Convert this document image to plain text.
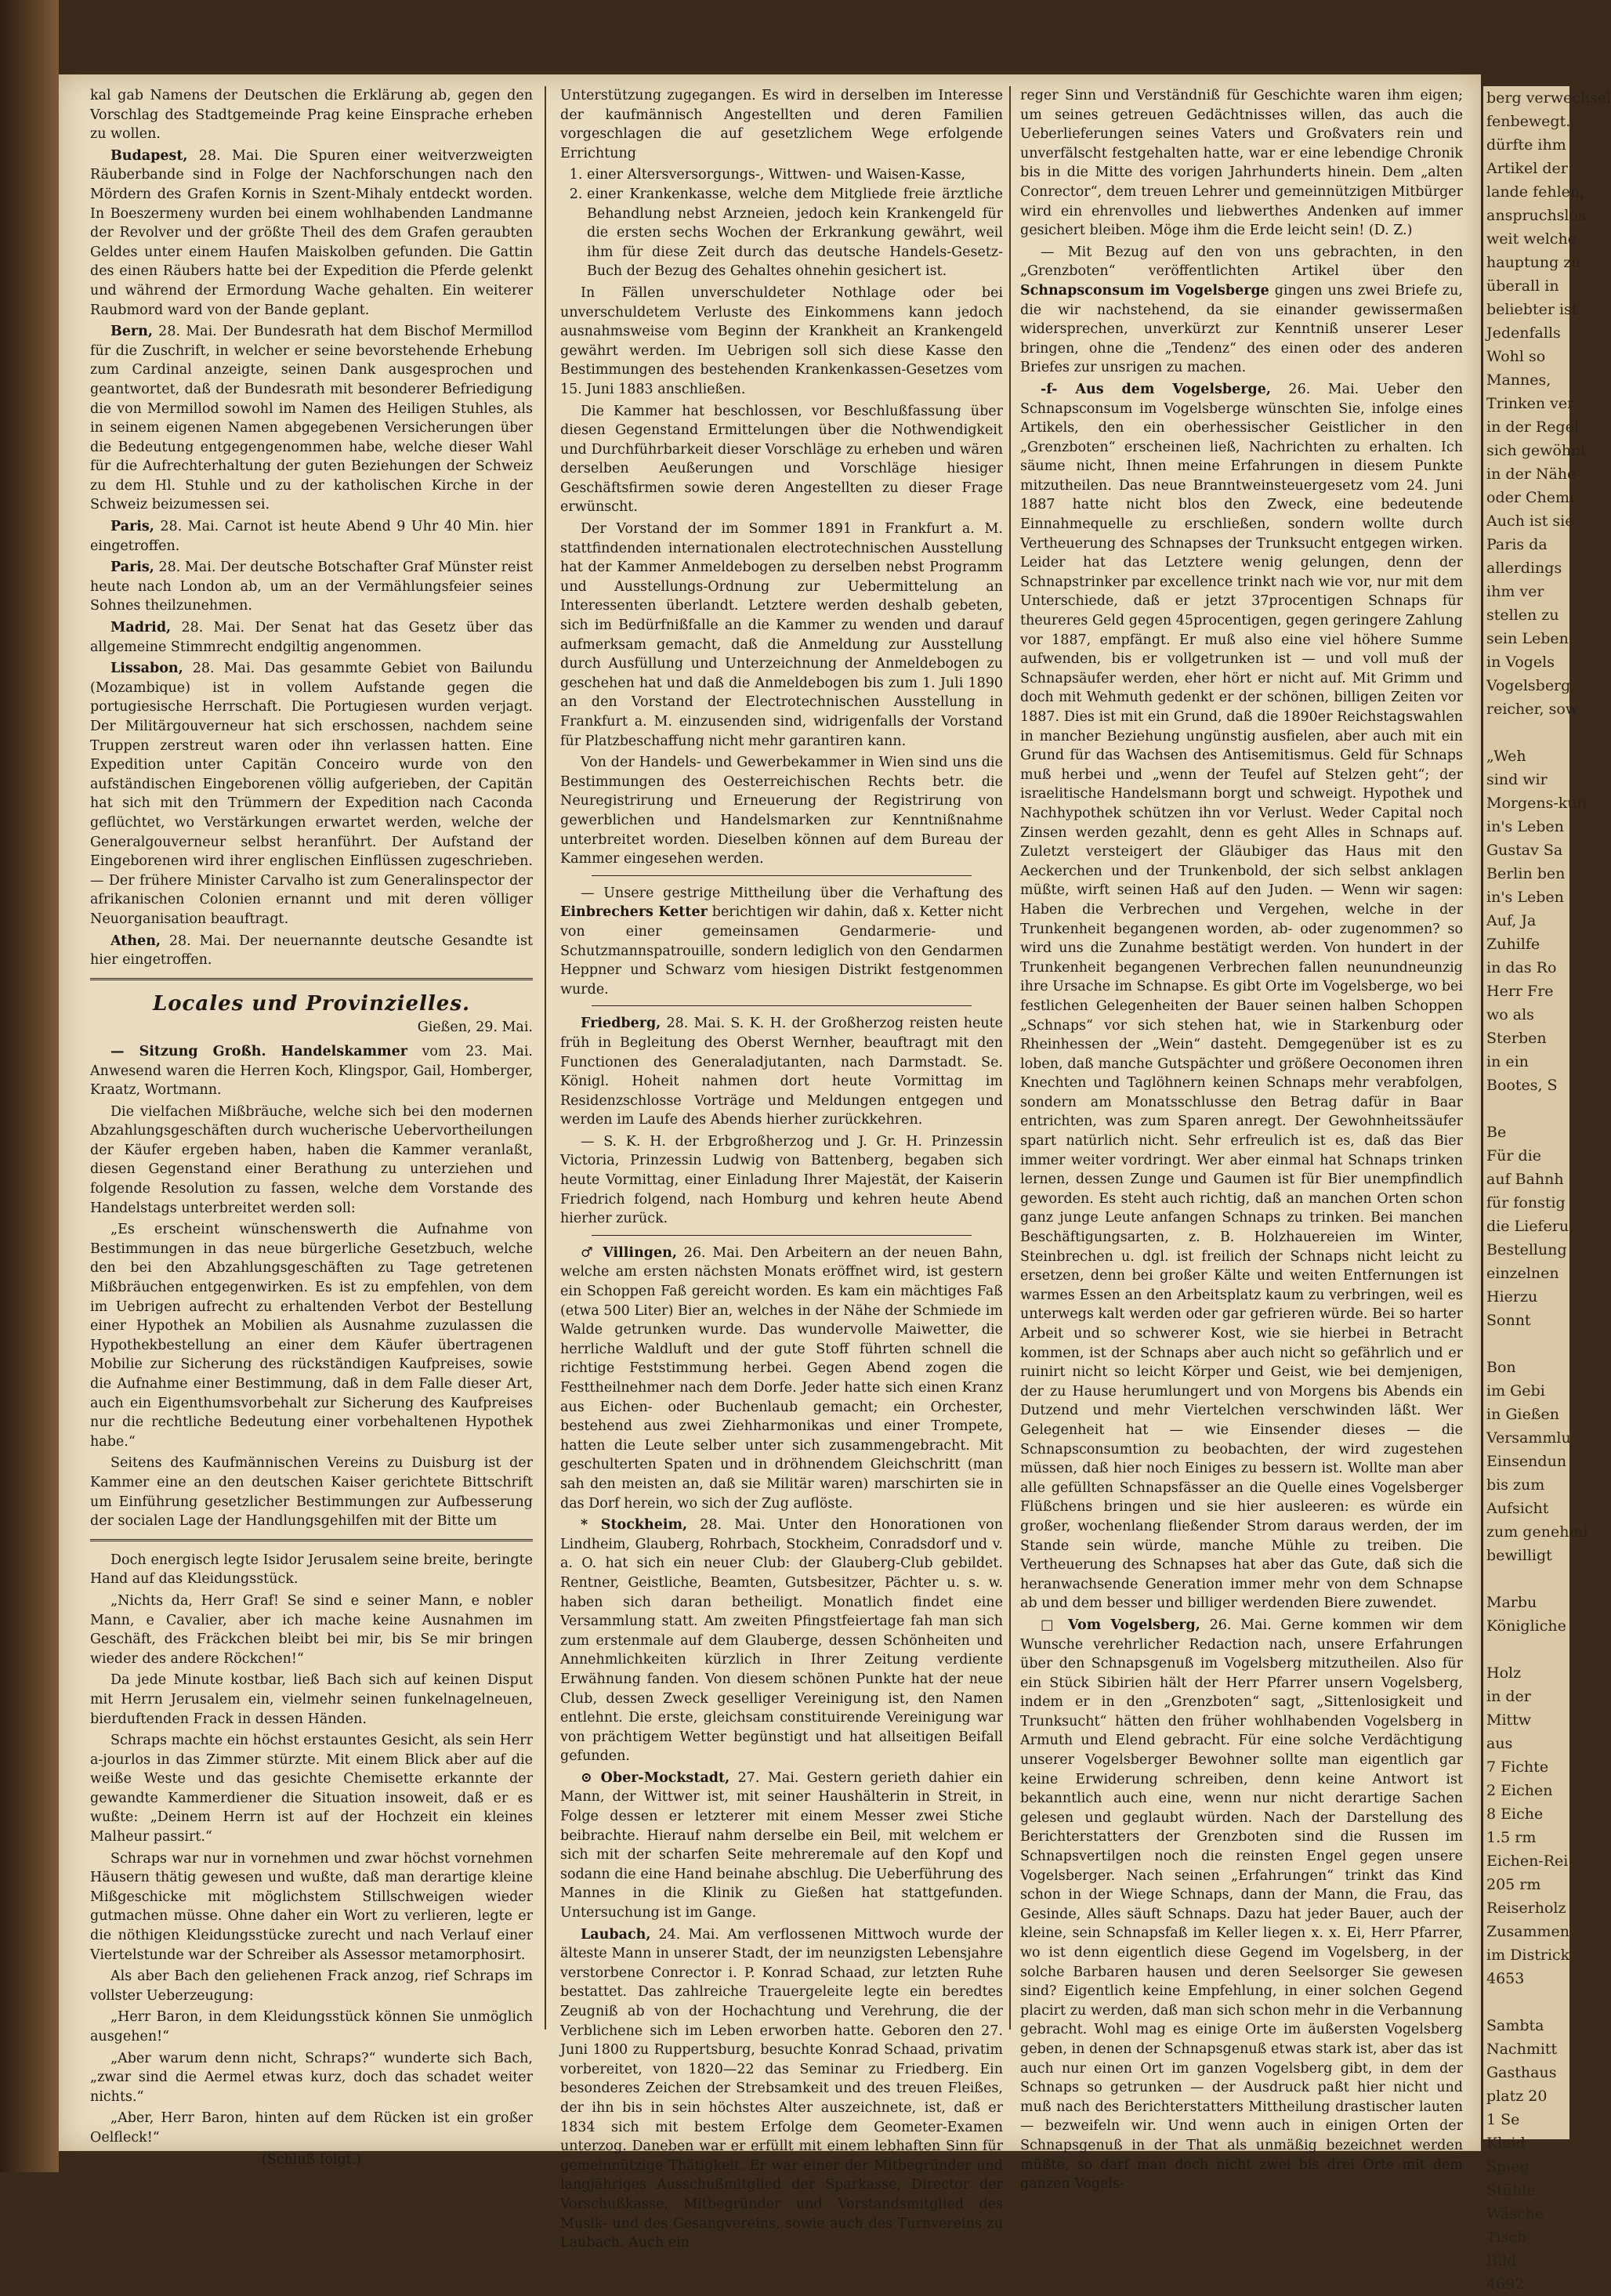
kal gab Namens der Deutschen die Erklärung ab, gegen den Vorschlag des Stadtgemeinde Prag keine Einsprache erheben zu wollen.

Budapest, 28. Mai. Die Spuren einer weitverzweigten Räuberbande sind in Folge der Nachforschungen nach den Mördern des Grafen Kornis in Szent-Mihaly entdeckt worden. In Boeszermeny wurden bei einem wohlhabenden Landmanne der Revolver und der größte Theil des dem Grafen geraubten Geldes unter einem Haufen Maiskolben gefunden. Die Gattin des einen Räubers hatte bei der Expedition die Pferde gelenkt und während der Ermordung Wache gehalten. Ein weiterer Raubmord ward von der Bande geplant.

Bern, 28. Mai. Der Bundesrath hat dem Bischof Mermillod für die Zuschrift, in welcher er seine bevorstehende Erhebung zum Cardinal anzeigte, seinen Dank ausgesprochen und geantwortet, daß der Bundesrath mit besonderer Befriedigung die von Mermillod sowohl im Namen des Heiligen Stuhles, als in seinem eigenen Namen abgegebenen Versicherungen über die Bedeutung entgegengenommen habe, welche dieser Wahl für die Aufrechterhaltung der guten Beziehungen der Schweiz zu dem Hl. Stuhle und zu der katholischen Kirche in der Schweiz beizumessen sei.

Paris, 28. Mai. Carnot ist heute Abend 9 Uhr 40 Min. hier eingetroffen.

Paris, 28. Mai. Der deutsche Botschafter Graf Münster reist heute nach London ab, um an der Vermählungsfeier seines Sohnes theilzunehmen.

Madrid, 28. Mai. Der Senat hat das Gesetz über das allgemeine Stimmrecht endgiltig angenommen.

Lissabon, 28. Mai. Das gesammte Gebiet von Bailundu (Mozambique) ist in vollem Aufstande gegen die portugiesische Herrschaft. Die Portugiesen wurden verjagt. Der Militärgouverneur hat sich erschossen, nachdem seine Truppen zerstreut waren oder ihn verlassen hatten. Eine Expedition unter Capitän Conceiro wurde von den aufständischen Eingeborenen völlig aufgerieben, der Capitän hat sich mit den Trümmern der Expedition nach Caconda geflüchtet, wo Verstärkungen erwartet werden, welche der Generalgouverneur selbst heranführt. Der Aufstand der Eingeborenen wird ihrer englischen Einflüssen zugeschrieben. — Der frühere Minister Carvalho ist zum Generalinspector der afrikanischen Colonien ernannt und mit deren völliger Neuorganisation beauftragt.

Athen, 28. Mai. Der neuernannte deutsche Gesandte ist hier eingetroffen.

Locales und Provinzielles.
Gießen, 29. Mai.

— Sitzung Großh. Handelskammer vom 23. Mai. Anwesend waren die Herren Koch, Klingspor, Gail, Homberger, Kraatz, Wortmann.

Die vielfachen Mißbräuche, welche sich bei den modernen Abzahlungsgeschäften durch wucherische Uebervortheilungen der Käufer ergeben haben, haben die Kammer veranlaßt, diesen Gegenstand einer Berathung zu unterziehen und folgende Resolution zu fassen, welche dem Vorstande des Handelstags unterbreitet werden soll:

„Es erscheint wünschenswerth die Aufnahme von Bestimmungen in das neue bürgerliche Gesetzbuch, welche den bei den Abzahlungsgeschäften zu Tage getretenen Mißbräuchen entgegenwirken. Es ist zu empfehlen, von dem im Uebrigen aufrecht zu erhaltenden Verbot der Bestellung einer Hypothek an Mobilien als Ausnahme zuzulassen die Hypothekbestellung an einer dem Käufer übertragenen Mobilie zur Sicherung des rückständigen Kaufpreises, sowie die Aufnahme einer Bestimmung, daß in dem Falle dieser Art, auch ein Eigenthumsvorbehalt zur Sicherung des Kaufpreises nur die rechtliche Bedeutung einer vorbehaltenen Hypothek habe.“

Seitens des Kaufmännischen Vereins zu Duisburg ist der Kammer eine an den deutschen Kaiser gerichtete Bittschrift um Einführung gesetzlicher Bestimmungen zur Aufbesserung der socialen Lage der Handlungsgehilfen mit der Bitte um

Doch energisch legte Isidor Jerusalem seine breite, beringte Hand auf das Kleidungsstück.

„Nichts da, Herr Graf! Se sind e seiner Mann, e nobler Mann, e Cavalier, aber ich mache keine Ausnahmen im Geschäft, des Fräckchen bleibt bei mir, bis Se mir bringen wieder des andere Röckchen!“

Da jede Minute kostbar, ließ Bach sich auf keinen Disput mit Herrn Jerusalem ein, vielmehr seinen funkelnagelneuen, bierduftenden Frack in dessen Händen.

Schraps machte ein höchst erstauntes Gesicht, als sein Herr a-jourlos in das Zimmer stürzte. Mit einem Blick aber auf die weiße Weste und das gesichte Chemisette erkannte der gewandte Kammerdiener die Situation insoweit, daß er es wußte: „Deinem Herrn ist auf der Hochzeit ein kleines Malheur passirt.“

Schraps war nur in vornehmen und zwar höchst vornehmen Häusern thätig gewesen und wußte, daß man derartige kleine Mißgeschicke mit möglichstem Stillschweigen wieder gutmachen müsse. Ohne daher ein Wort zu verlieren, legte er die nöthigen Kleidungsstücke zurecht und nach Verlauf einer Viertelstunde war der Schreiber als Assessor metamorphosirt.

Als aber Bach den geliehenen Frack anzog, rief Schraps im vollster Ueberzeugung:

„Herr Baron, in dem Kleidungsstück können Sie unmöglich ausgehen!“

„Aber warum denn nicht, Schraps?“ wunderte sich Bach, „zwar sind die Aermel etwas kurz, doch das schadet weiter nichts.“

„Aber, Herr Baron, hinten auf dem Rücken ist ein großer Oelfleck!“

(Schluß folgt.)

Unterstützung zugegangen. Es wird in derselben im Interesse der kaufmännisch Angestellten und deren Familien vorgeschlagen die auf gesetzlichem Wege erfolgende Errichtung

1. einer Altersversorgungs-, Wittwen- und Waisen-Kasse,
2. einer Krankenkasse, welche dem Mitgliede freie ärztliche Behandlung nebst Arzneien, jedoch kein Krankengeld für die ersten sechs Wochen der Erkrankung gewährt, weil ihm für diese Zeit durch das deutsche Handels-Gesetz-Buch der Bezug des Gehaltes ohnehin gesichert ist.

In Fällen unverschuldeter Nothlage oder bei unverschuldetem Verluste des Einkommens kann jedoch ausnahmsweise vom Beginn der Krankheit an Krankengeld gewährt werden. Im Uebrigen soll sich diese Kasse den Bestimmungen des bestehenden Krankenkassen-Gesetzes vom 15. Juni 1883 anschließen.

Die Kammer hat beschlossen, vor Beschlußfassung über diesen Gegenstand Ermittelungen über die Nothwendigkeit und Durchführbarkeit dieser Vorschläge zu erheben und wären derselben Aeußerungen und Vorschläge hiesiger Geschäftsfirmen sowie deren Angestellten zu dieser Frage erwünscht.

Der Vorstand der im Sommer 1891 in Frankfurt a. M. stattfindenden internationalen electrotechnischen Ausstellung hat der Kammer Anmeldebogen zu derselben nebst Programm und Ausstellungs-Ordnung zur Uebermittelung an Interessenten überlandt. Letztere werden deshalb gebeten, sich im Bedürfnißfalle an die Kammer zu wenden und darauf aufmerksam gemacht, daß die Anmeldung zur Ausstellung durch Ausfüllung und Unterzeichnung der Anmeldebogen zu geschehen hat und daß die Anmeldebogen bis zum 1. Juli 1890 an den Vorstand der Electrotechnischen Ausstellung in Frankfurt a. M. einzusenden sind, widrigenfalls der Vorstand für Platzbeschaffung nicht mehr garantiren kann.

Von der Handels- und Gewerbekammer in Wien sind uns die Bestimmungen des Oesterreichischen Rechts betr. die Neuregistrirung und Erneuerung der Registrirung von gewerblichen und Handelsmarken zur Kenntnißnahme unterbreitet worden. Dieselben können auf dem Bureau der Kammer eingesehen werden.

— Unsere gestrige Mittheilung über die Verhaftung des Einbrechers Ketter berichtigen wir dahin, daß x. Ketter nicht von einer gemeinsamen Gendarmerie- und Schutzmannspatrouille, sondern lediglich von den Gendarmen Heppner und Schwarz vom hiesigen Distrikt festgenommen wurde.

Friedberg, 28. Mai. S. K. H. der Großherzog reisten heute früh in Begleitung des Oberst Wernher, beauftragt mit den Functionen des Generaladjutanten, nach Darmstadt. Se. Königl. Hoheit nahmen dort heute Vormittag im Residenzschlosse Vorträge und Meldungen entgegen und werden im Laufe des Abends hierher zurückkehren.

— S. K. H. der Erbgroßherzog und J. Gr. H. Prinzessin Victoria, Prinzessin Ludwig von Battenberg, begaben sich heute Vormittag, einer Einladung Ihrer Majestät, der Kaiserin Friedrich folgend, nach Homburg und kehren heute Abend hierher zurück.

♂ Villingen, 26. Mai. Den Arbeitern an der neuen Bahn, welche am ersten nächsten Monats eröffnet wird, ist gestern ein Schoppen Faß gereicht worden. Es kam ein mächtiges Faß (etwa 500 Liter) Bier an, welches in der Nähe der Schmiede im Walde getrunken wurde. Das wundervolle Maiwetter, die herrliche Waldluft und der gute Stoff führten schnell die richtige Feststimmung herbei. Gegen Abend zogen die Festtheilnehmer nach dem Dorfe. Jeder hatte sich einen Kranz aus Eichen- oder Buchenlaub gemacht; ein Orchester, bestehend aus zwei Ziehharmonikas und einer Trompete, hatten die Leute selber unter sich zusammengebracht. Mit geschulterten Spaten und in dröhnendem Gleichschritt (man sah den meisten an, daß sie Militär waren) marschirten sie in das Dorf herein, wo sich der Zug auflöste.

* Stockheim, 28. Mai. Unter den Honorationen von Lindheim, Glauberg, Rohrbach, Stockheim, Conradsdorf und v. a. O. hat sich ein neuer Club: der Glauberg-Club gebildet. Rentner, Geistliche, Beamten, Gutsbesitzer, Pächter u. s. w. haben sich daran betheiligt. Monatlich findet eine Versammlung statt. Am zweiten Pfingstfeiertage fah man sich zum erstenmale auf dem Glauberge, dessen Schönheiten und Annehmlichkeiten kürzlich in Ihrer Zeitung verdiente Erwähnung fanden. Von diesem schönen Punkte hat der neue Club, dessen Zweck geselliger Vereinigung ist, den Namen entlehnt. Die erste, gleichsam constituirende Vereinigung war von prächtigem Wetter begünstigt und hat allseitigen Beifall gefunden.

⊙ Ober-Mockstadt, 27. Mai. Gestern gerieth dahier ein Mann, der Wittwer ist, mit seiner Haushälterin in Streit, in Folge dessen er letzterer mit einem Messer zwei Stiche beibrachte. Hierauf nahm derselbe ein Beil, mit welchem er sich mit der scharfen Seite mehreremale auf den Kopf und sodann die eine Hand beinahe abschlug. Die Ueberführung des Mannes in die Klinik zu Gießen hat stattgefunden. Untersuchung ist im Gange.

Laubach, 24. Mai. Am verflossenen Mittwoch wurde der älteste Mann in unserer Stadt, der im neunzigsten Lebensjahre verstorbene Conrector i. P. Konrad Schaad, zur letzten Ruhe bestattet. Das zahlreiche Trauergeleite legte ein beredtes Zeugniß ab von der Hochachtung und Verehrung, die der Verblichene sich im Leben erworben hatte. Geboren den 27. Juni 1800 zu Ruppertsburg, besuchte Konrad Schaad, privatim vorbereitet, von 1820—22 das Seminar zu Friedberg. Ein besonderes Zeichen der Strebsamkeit und des treuen Fleißes, der ihn bis in sein höchstes Alter auszeichnete, ist, daß er 1834 sich mit bestem Erfolge dem Geometer-Examen unterzog. Daneben war er erfüllt mit einem lebhaften Sinn für gemeinnützige Thätigkeit. Er war einer der Mitbegründer und langjähriges Ausschußmitglied der Sparkasse, Director der Vorschußkasse, Mitbegründer und Vorstandsmitglied des Musik- und des Gesangvereins, sowie auch des Turnvereins zu Laubach. Auch ein

reger Sinn und Verständniß für Geschichte waren ihm eigen; um seines getreuen Gedächtnisses willen, das auch die Ueberlieferungen seines Vaters und Großvaters rein und unverfälscht festgehalten hatte, war er eine lebendige Chronik bis in die Mitte des vorigen Jahrhunderts hinein. Dem „alten Conrector“, dem treuen Lehrer und gemeinnützigen Mitbürger wird ein ehrenvolles und liebwerthes Andenken auf immer gesichert bleiben. Möge ihm die Erde leicht sein! (D. Z.)

— Mit Bezug auf den von uns gebrachten, in den „Grenzboten“ veröffentlichten Artikel über den Schnapsconsum im Vogelsberge gingen uns zwei Briefe zu, die wir nachstehend, da sie einander gewissermaßen widersprechen, unverkürzt zur Kenntniß unserer Leser bringen, ohne die „Tendenz“ des einen oder des anderen Briefes zur unsrigen zu machen.

-f- Aus dem Vogelsberge, 26. Mai. Ueber den Schnapsconsum im Vogelsberge wünschten Sie, infolge eines Artikels, den ein oberhessischer Geistlicher in den „Grenzboten“ erscheinen ließ, Nachrichten zu erhalten. Ich säume nicht, Ihnen meine Erfahrungen in diesem Punkte mitzutheilen. Das neue Branntweinsteuergesetz vom 24. Juni 1887 hatte nicht blos den Zweck, eine bedeutende Einnahmequelle zu erschließen, sondern wollte durch Vertheuerung des Schnapses der Trunksucht entgegen wirken. Leider hat das Letztere wenig gelungen, denn der Schnapstrinker par excellence trinkt nach wie vor, nur mit dem Unterschiede, daß er jetzt 37procentigen Schnaps für theureres Geld gegen 45procentigen, gegen geringere Zahlung vor 1887, empfängt. Er muß also eine viel höhere Summe aufwenden, bis er vollgetrunken ist — und voll muß der Schnapsäufer werden, eher hört er nicht auf. Mit Grimm und doch mit Wehmuth gedenkt er der schönen, billigen Zeiten vor 1887. Dies ist mit ein Grund, daß die 1890er Reichstagswahlen in mancher Beziehung ungünstig ausfielen, aber auch mit ein Grund für das Wachsen des Antisemitismus. Geld für Schnaps muß herbei und „wenn der Teufel auf Stelzen geht“; der israelitische Handelsmann borgt und schweigt. Hypothek und Nachhypothek schützen ihn vor Verlust. Weder Capital noch Zinsen werden gezahlt, denn es geht Alles in Schnaps auf. Zuletzt versteigert der Gläubiger das Haus mit den Aeckerchen und der Trunkenbold, der sich selbst anklagen müßte, wirft seinen Haß auf den Juden. — Wenn wir sagen: Haben die Verbrechen und Vergehen, welche in der Trunkenheit begangenen worden, ab- oder zugenommen? so wird uns die Zunahme bestätigt werden. Von hundert in der Trunkenheit begangenen Verbrechen fallen neunundneunzig ihre Ursache im Schnapse. Es gibt Orte im Vogelsberge, wo bei festlichen Gelegenheiten der Bauer seinen halben Schoppen „Schnaps“ vor sich stehen hat, wie in Starkenburg oder Rheinhessen der „Wein“ dasteht. Demgegenüber ist es zu loben, daß manche Gutspächter und größere Oeconomen ihren Knechten und Taglöhnern keinen Schnaps mehr verabfolgen, sondern am Monatsschlusse den Betrag dafür in Baar entrichten, was zum Sparen anregt. Der Gewohnheitssäufer spart natürlich nicht. Sehr erfreulich ist es, daß das Bier immer weiter vordringt. Wer aber einmal hat Schnaps trinken lernen, dessen Zunge und Gaumen ist für Bier unempfindlich geworden. Es steht auch richtig, daß an manchen Orten schon ganz junge Leute anfangen Schnaps zu trinken. Bei manchen Beschäftigungsarten, z. B. Holzhauereien im Winter, Steinbrechen u. dgl. ist freilich der Schnaps nicht leicht zu ersetzen, denn bei großer Kälte und weiten Entfernungen ist warmes Essen an den Arbeitsplatz kaum zu verbringen, weil es unterwegs kalt werden oder gar gefrieren würde. Bei so harter Arbeit und so schwerer Kost, wie sie hierbei in Betracht kommen, ist der Schnaps aber auch nicht so gefährlich und er ruinirt nicht so leicht Körper und Geist, wie bei demjenigen, der zu Hause herumlungert und von Morgens bis Abends ein Dutzend und mehr Viertelchen verschwinden läßt. Wer Gelegenheit hat — wie Einsender dieses — die Schnapsconsumtion zu beobachten, der wird zugestehen müssen, daß hier noch Einiges zu bessern ist. Wollte man aber alle gefüllten Schnapsfässer an die Quelle eines Vogelsberger Flüßchens bringen und sie hier ausleeren: es würde ein großer, wochenlang fließender Strom daraus werden, der im Stande sein würde, manche Mühle zu treiben. Die Vertheuerung des Schnapses hat aber das Gute, daß sich die heranwachsende Generation immer mehr von dem Schnapse ab und dem besser und billiger werdenden Biere zuwendet.

□ Vom Vogelsberg, 26. Mai. Gerne kommen wir dem Wunsche verehrlicher Redaction nach, unsere Erfahrungen über den Schnapsgenuß im Vogelsberg mitzutheilen. Also für ein Stück Sibirien hält der Herr Pfarrer unsern Vogelsberg, indem er in den „Grenzboten“ sagt, „Sittenlosigkeit und Trunksucht“ hätten den früher wohlhabenden Vogelsberg in Armuth und Elend gebracht. Für eine solche Verdächtigung unserer Vogelsberger Bewohner sollte man eigentlich gar keine Erwiderung schreiben, denn keine Antwort ist bekanntlich auch eine, wenn nur nicht derartige Sachen gelesen und geglaubt würden. Nach der Darstellung des Berichterstatters der Grenzboten sind die Russen im Schnapsvertilgen noch die reinsten Engel gegen unsere Vogelsberger. Nach seinen „Erfahrungen“ trinkt das Kind schon in der Wiege Schnaps, dann der Mann, die Frau, das Gesinde, Alles säuft Schnaps. Dazu hat jeder Bauer, auch der kleine, sein Schnapsfaß im Keller liegen x. x. Ei, Herr Pfarrer, wo ist denn eigentlich diese Gegend im Vogelsberg, in der solche Barbaren hausen und deren Seelsorger Sie gewesen sind? Eigentlich keine Empfehlung, in einer solchen Gegend placirt zu werden, daß man sich schon mehr in die Verbannung gebracht. Wohl mag es einige Orte im äußersten Vogelsberg geben, in denen der Schnapsgenuß etwas stark ist, aber das ist auch nur einen Ort im ganzen Vogelsberg gibt, in dem der Schnaps so getrunken — der Ausdruck paßt hier nicht und muß nach des Berichterstatters Mittheilung drastischer lauten — bezweifeln wir. Und wenn auch in einigen Orten der Schnapsgenuß in der That als unmäßig bezeichnet werden müßte, so darf man doch nicht zwei bis drei Orte mit dem ganzen Vogels-

berg verwechsel

fenbewegt.

dürfte ihm

Artikel der

lande fehlen,

anspruchslos

weit welche

hauptung zu

überall in

beliebter ist

Jedenfalls

Wohl so

Mannes,

Trinken ver

in der Regel

sich gewöhnt

in der Nähe

oder Chemi

Auch ist sie

Paris da

allerdings

ihm ver

stellen zu

sein Leben

in Vogels

Vogelsberg

reicher, sow

„Weh

sind wir

Morgens-kun

in's Leben

Gustav Sa

Berlin ben

in's Leben

Auf, Ja

Zuhilfe

in das Ro

Herr Fre

wo als

Sterben

in ein

Bootes, S

Be

Für die

auf Bahnh

für fonstig

die Lieferu

Bestellung

einzelnen

Hierzu

Sonnt

Bon

im Gebi

in Gießen

Versammlu

Einsendun

bis zum

Aufsicht

zum genehmi

bewilligt

Marbu

Königliche

Holz

in der

Mittw

aus

7 Fichte

2 Eichen

8 Eiche

1.5 rm

Eichen-Rei

205 rm

Reiserholz

Zusammen

im Districk

4653

Sambta

Nachmitt

Gasthaus

platz 20

1 Se

Kleid

Spieg

Stühle

Wäsche

Tisch

Bild

4692
